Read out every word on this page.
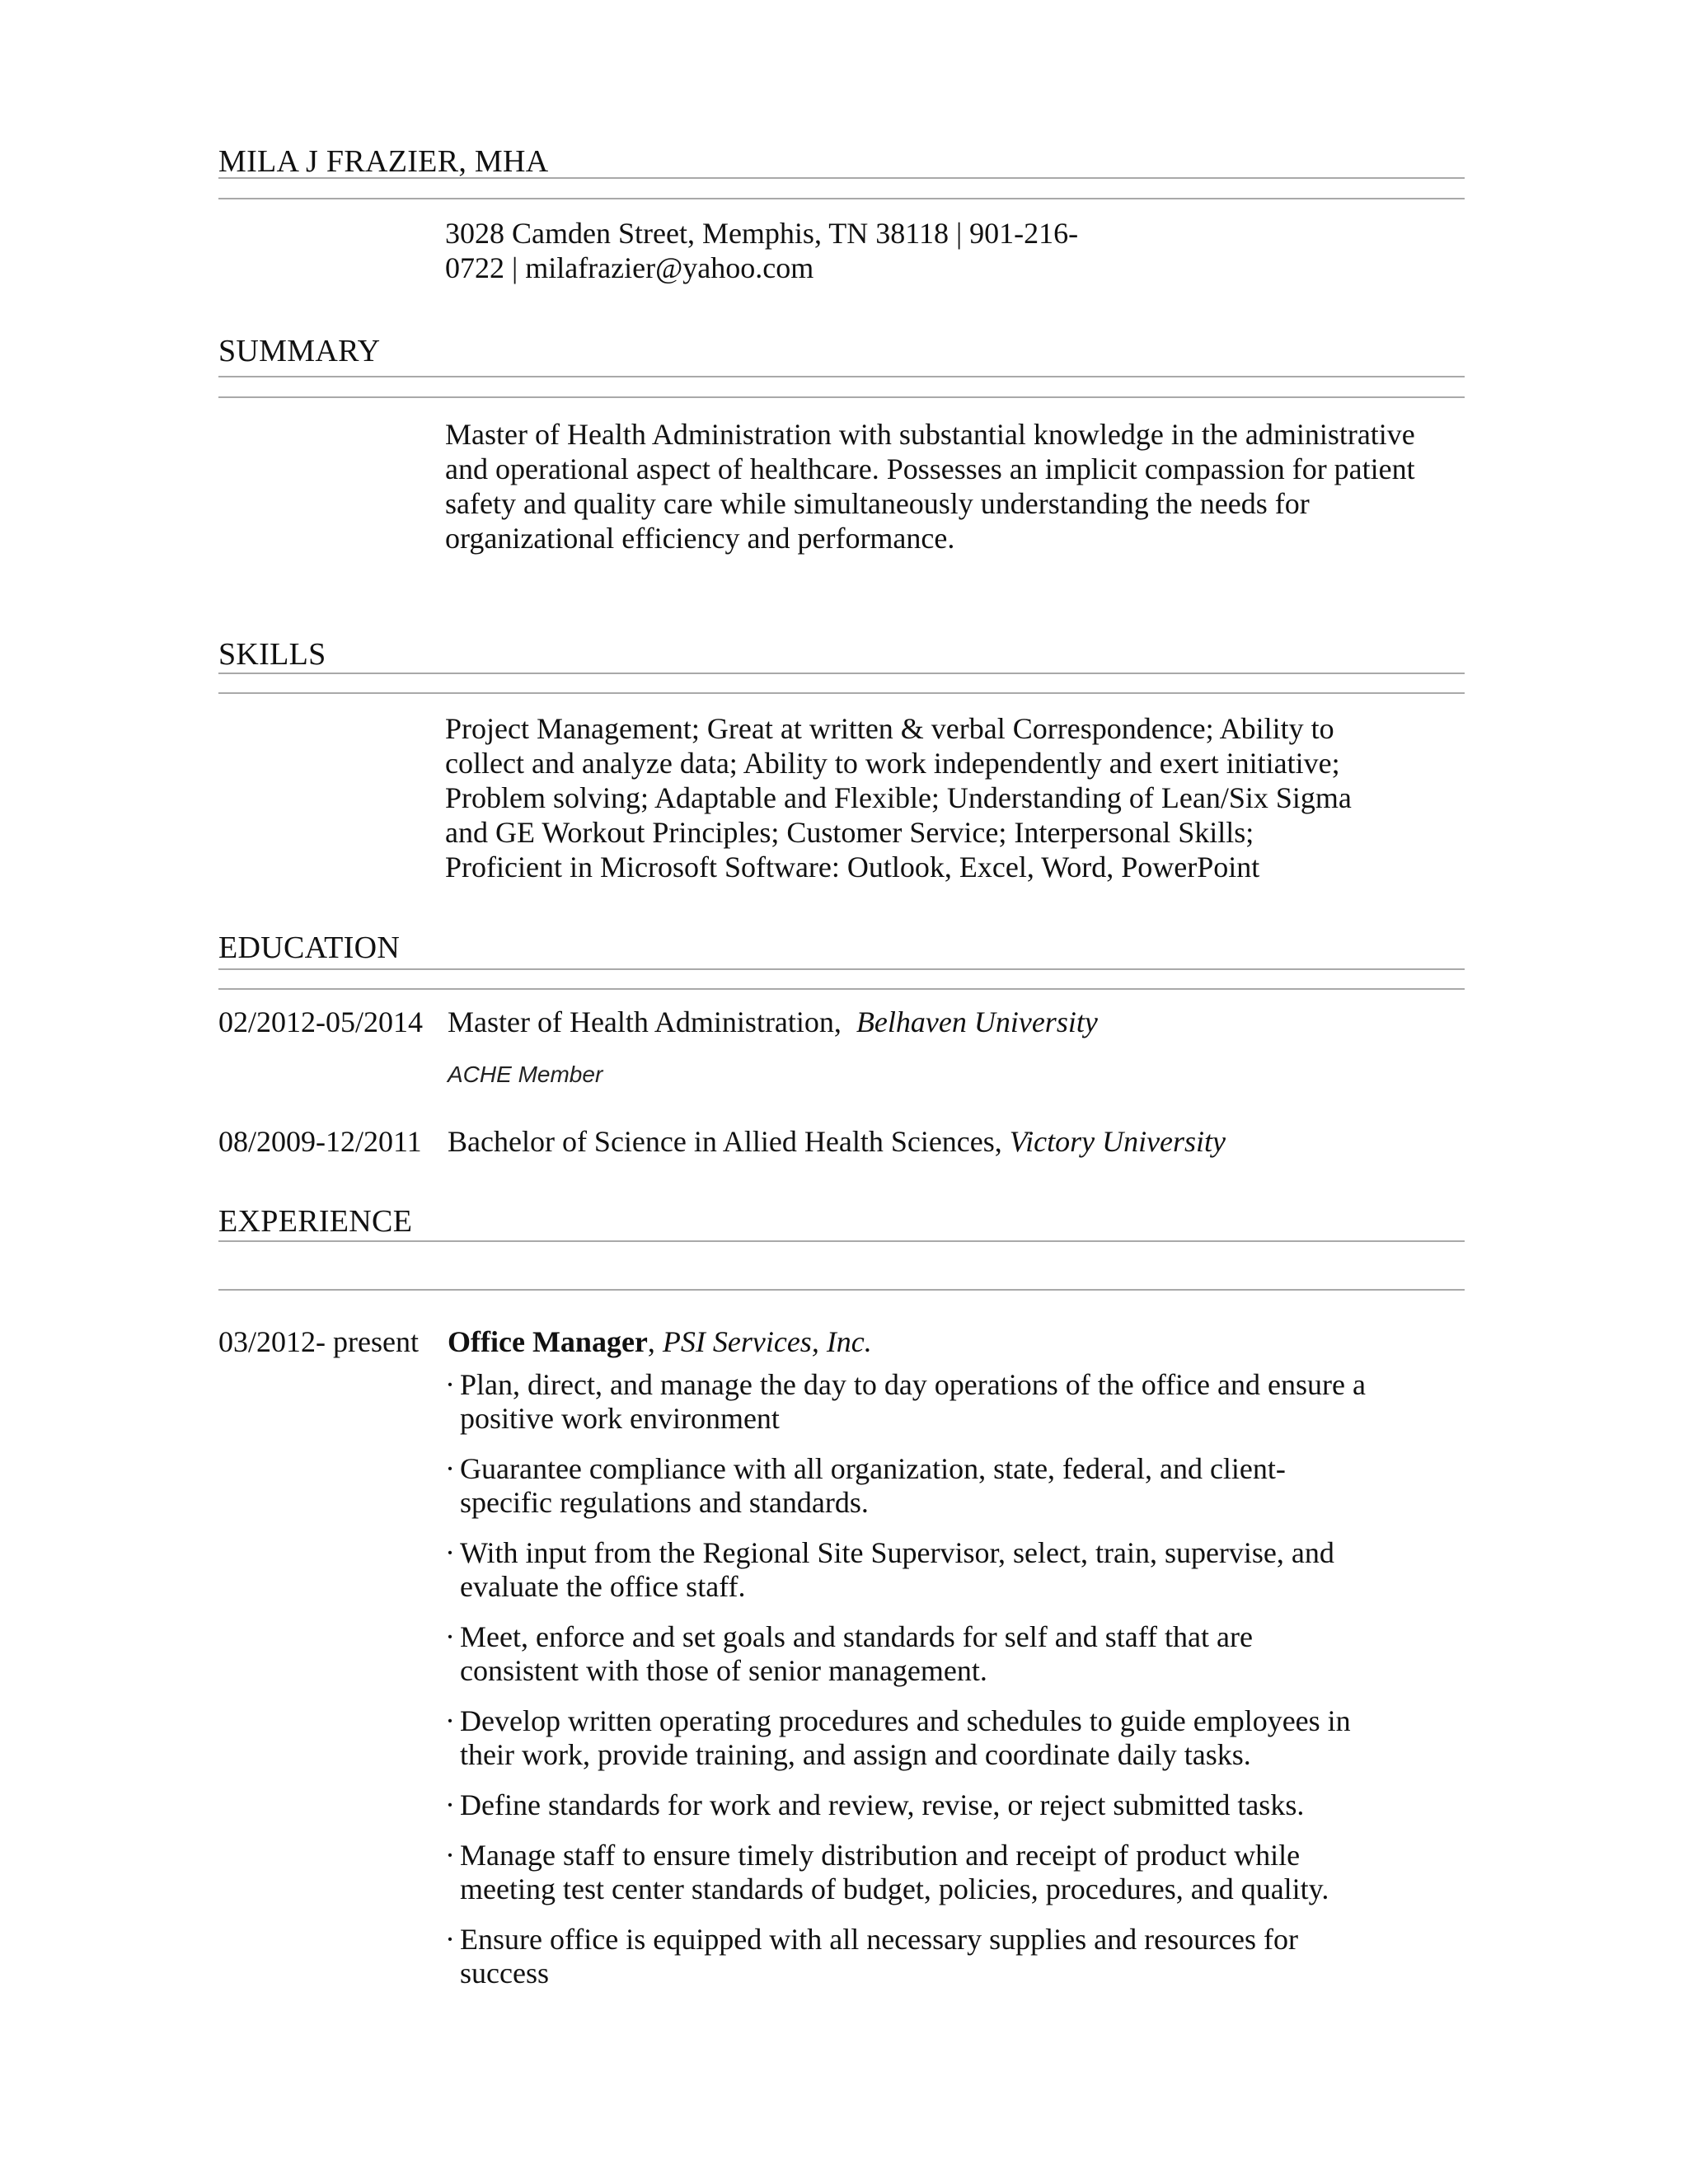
MILA J FRAZIER, MHA
3028 Camden Street, Memphis, TN 38118 | 901-216-
0722 | milafrazier@yahoo.com
SUMMARY
Master of Health Administration with substantial knowledge in the administrative
and operational aspect of healthcare. Possesses an implicit compassion for patient
safety and quality care while simultaneously understanding the needs for
organizational efficiency and performance.
SKILLS
Project Management; Great at written & verbal Correspondence; Ability to
collect and analyze data; Ability to work independently and exert initiative;
Problem solving; Adaptable and Flexible; Understanding of Lean/Six Sigma
and GE Workout Principles; Customer Service; Interpersonal Skills;
Proficient in Microsoft Software: Outlook, Excel, Word, PowerPoint
EDUCATION
02/2012-05/2014 Master of Health Administration, Belhaven University
ACHE Member
08/2009-12/2011 Bachelor of Science in Allied Health Sciences, Victory University
EXPERIENCE
03/2012- present Office Manager, PSI Services, Inc.
· Plan, direct, and manage the day to day operations of the office and ensure a
positive work environment
· Guarantee compliance with all organization, state, federal, and client-
specific regulations and standards.
· With input from the Regional Site Supervisor, select, train, supervise, and
evaluate the office staff.
· Meet, enforce and set goals and standards for self and staff that are
consistent with those of senior management.
· Develop written operating procedures and schedules to guide employees in
their work, provide training, and assign and coordinate daily tasks.
· Define standards for work and review, revise, or reject submitted tasks.
· Manage staff to ensure timely distribution and receipt of product while
meeting test center standards of budget, policies, procedures, and quality.
· Ensure office is equipped with all necessary supplies and resources for
success
